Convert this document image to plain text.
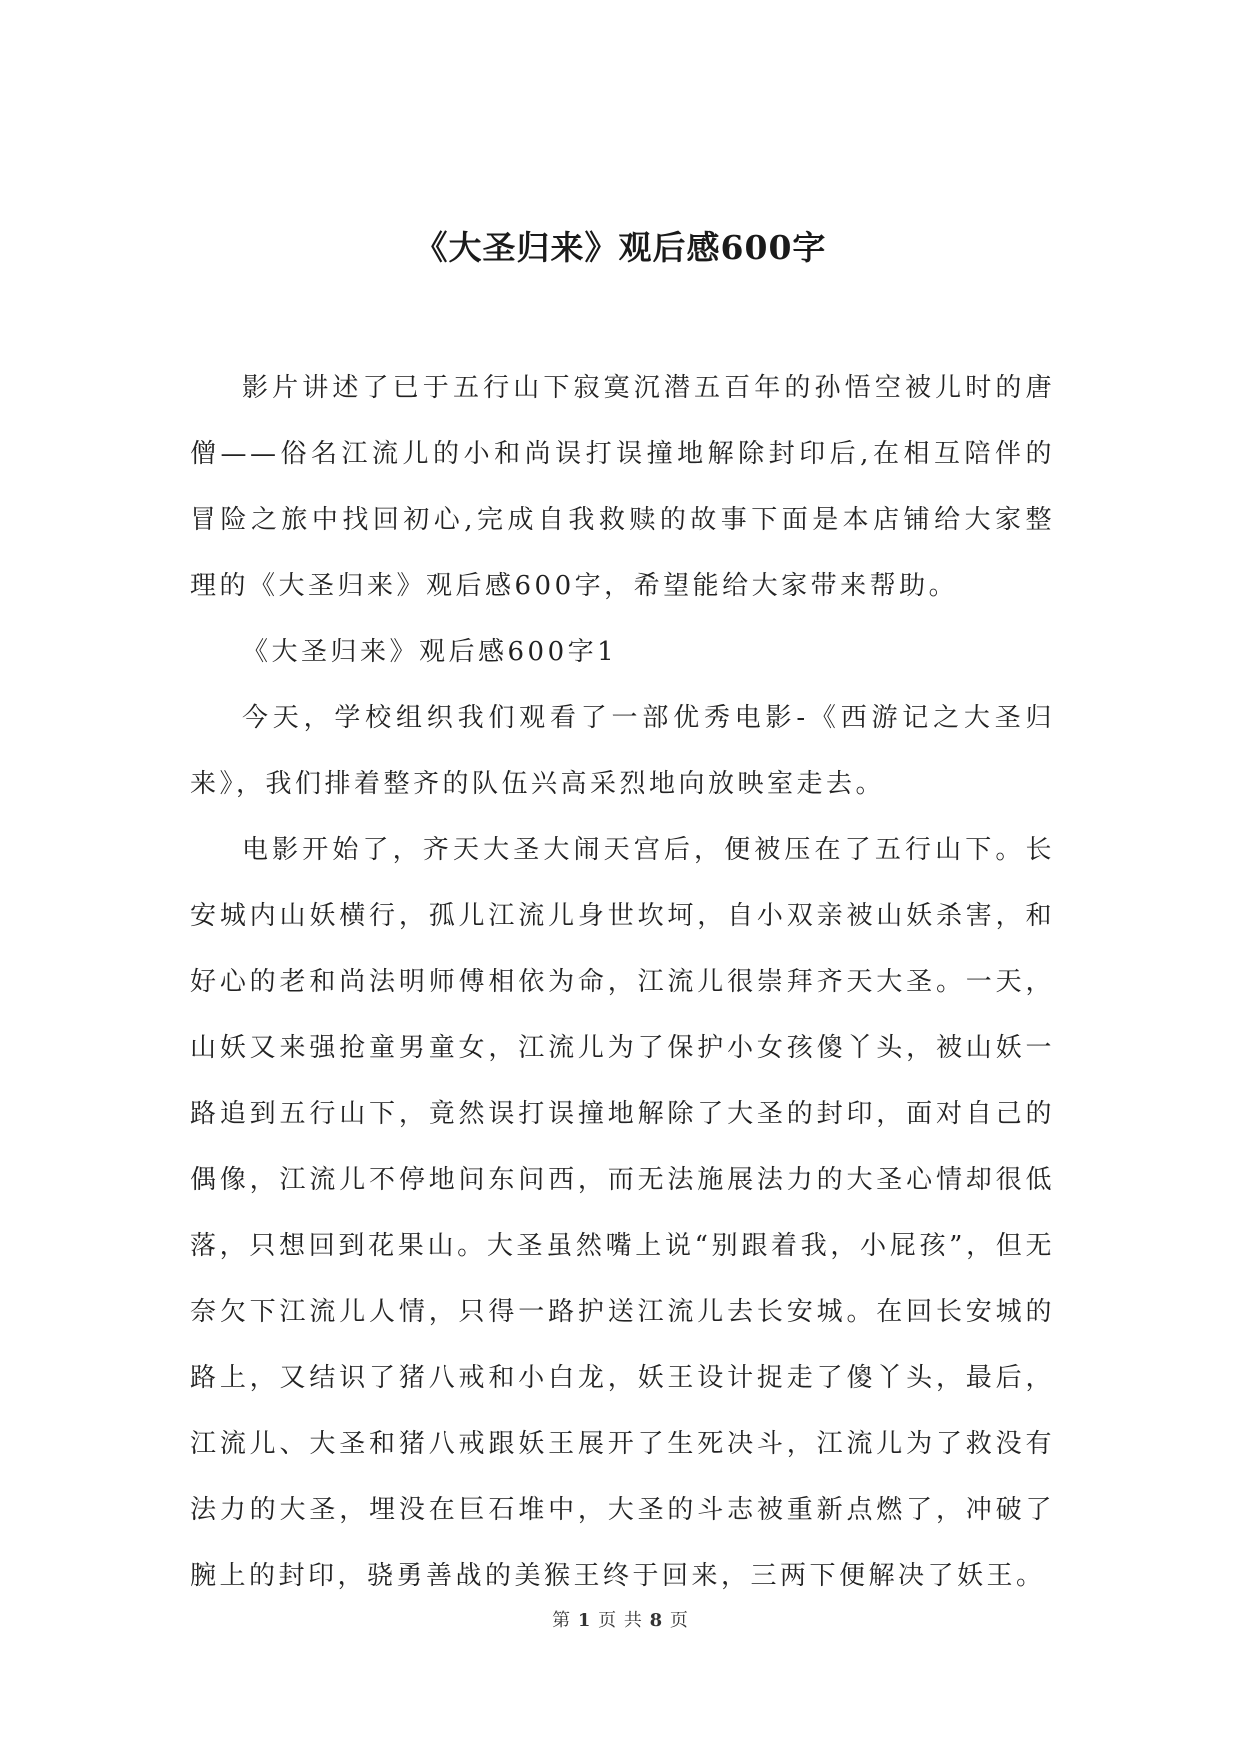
《大圣归来》观后感600字

影片讲述了已于五行山下寂寞沉潜五百年的孙悟空被儿时的唐僧——俗名江流儿的小和尚误打误撞地解除封印后,在相互陪伴的冒险之旅中找回初心,完成自我救赎的故事下面是本店铺给大家整理的《大圣归来》观后感600字，希望能给大家带来帮助。

《大圣归来》观后感600字1

今天，学校组织我们观看了一部优秀电影-《西游记之大圣归来》，我们排着整齐的队伍兴高采烈地向放映室走去。

电影开始了，齐天大圣大闹天宫后，便被压在了五行山下。长安城内山妖横行，孤儿江流儿身世坎坷，自小双亲被山妖杀害，和好心的老和尚法明师傅相依为命，江流儿很崇拜齐天大圣。一天，山妖又来强抢童男童女，江流儿为了保护小女孩傻丫头，被山妖一路追到五行山下，竟然误打误撞地解除了大圣的封印，面对自己的偶像，江流儿不停地问东问西，而无法施展法力的大圣心情却很低落，只想回到花果山。大圣虽然嘴上说“别跟着我，小屁孩”，但无奈欠下江流儿人情，只得一路护送江流儿去长安城。在回长安城的路上，又结识了猪八戒和小白龙，妖王设计捉走了傻丫头，最后，江流儿、大圣和猪八戒跟妖王展开了生死决斗，江流儿为了救没有法力的大圣，埋没在巨石堆中，大圣的斗志被重新点燃了，冲破了腕上的封印，骁勇善战的美猴王终于回来，三两下便解决了妖王。

第 1 页 共 8 页
